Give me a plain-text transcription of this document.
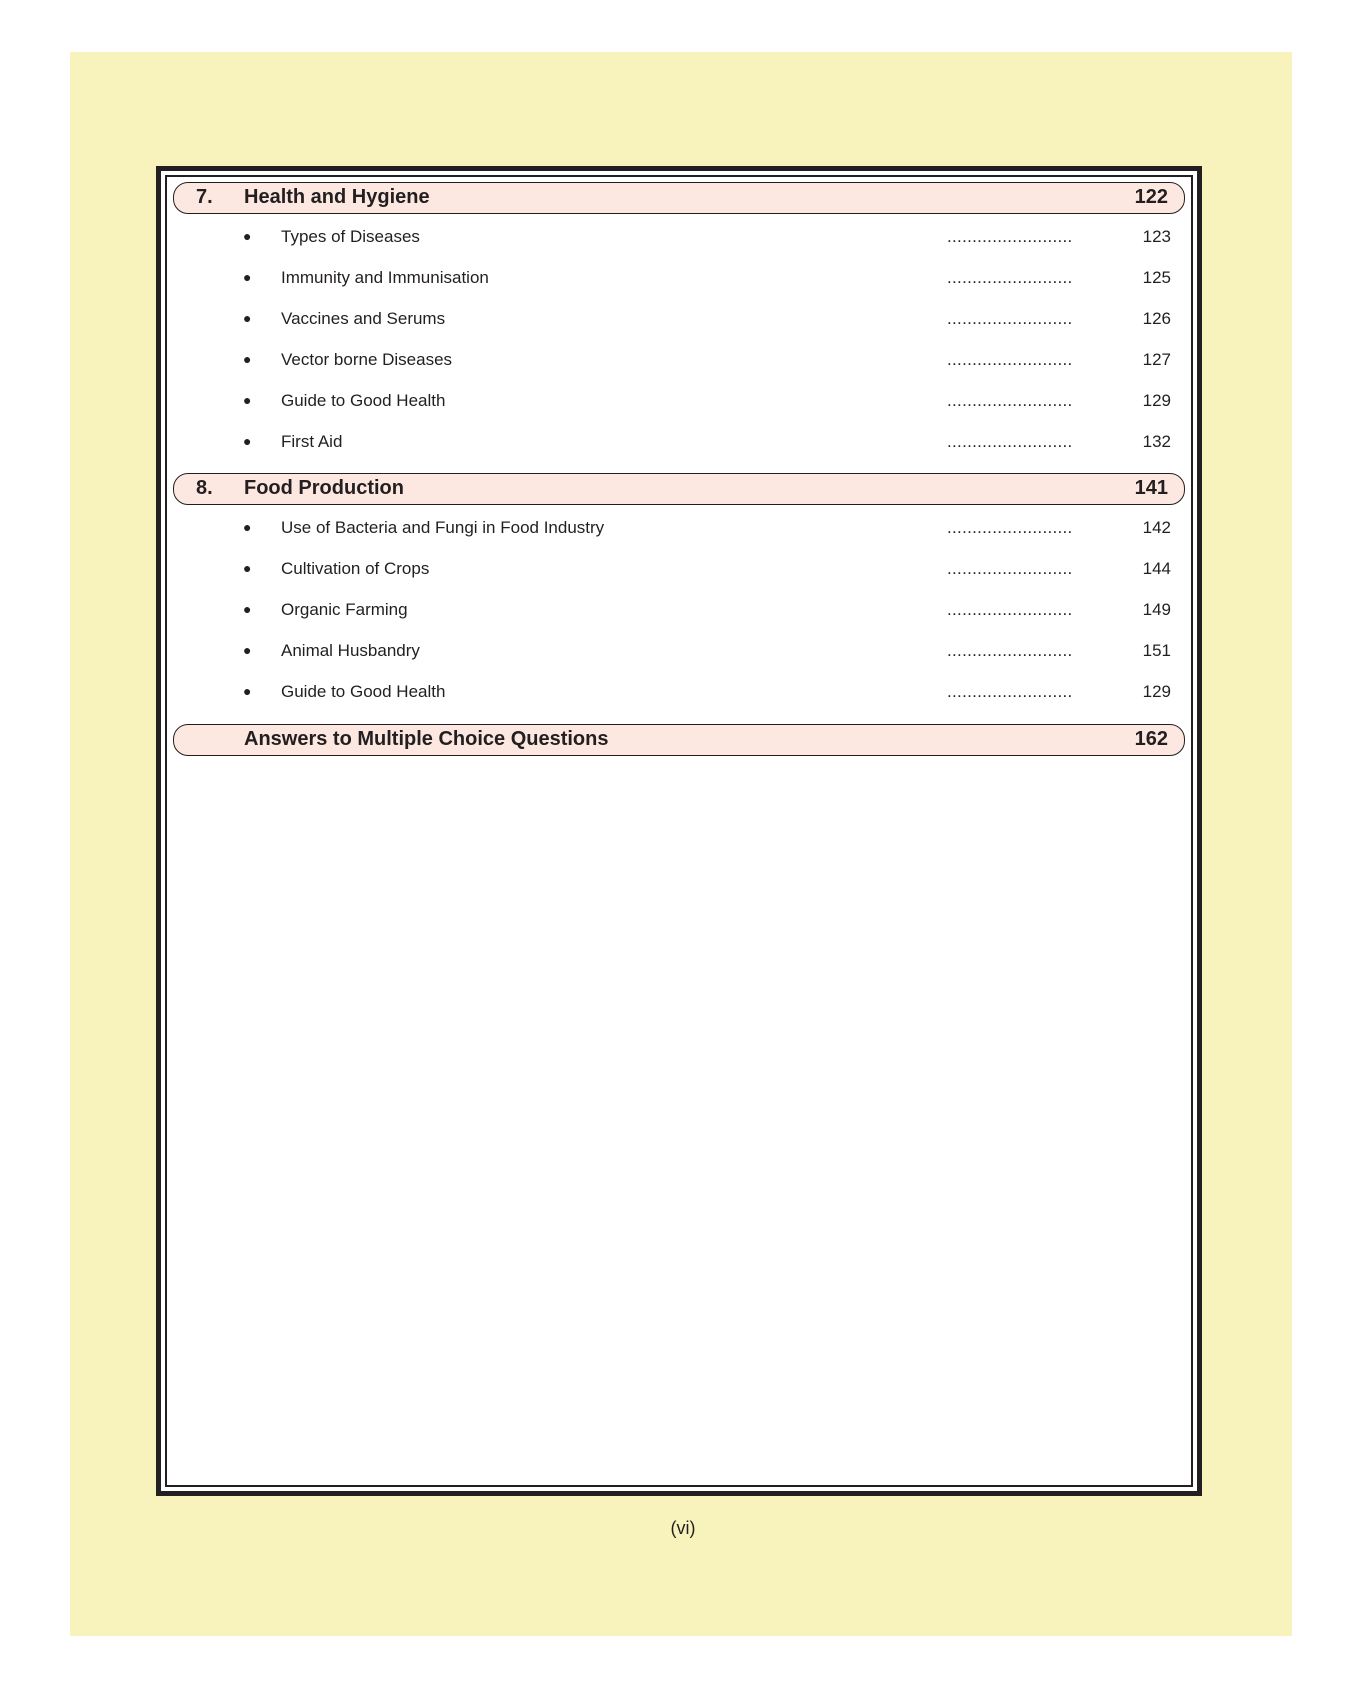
7. Health and Hygiene	122
● Types of Diseases	.........................	123
● Immunity and Immunisation	.........................	125
● Vaccines and Serums	.........................	126
● Vector borne Diseases	.........................	127
● Guide to Good Health	.........................	129
● First Aid	.........................	132
8. Food Production	141
● Use of Bacteria and Fungi in Food Industry	.........................	142
● Cultivation of Crops	.........................	144
● Organic Farming	.........................	149
● Animal Husbandry	.........................	151
● Guide to Good Health	.........................	129
Answers to Multiple Choice Questions	162
(vi)
